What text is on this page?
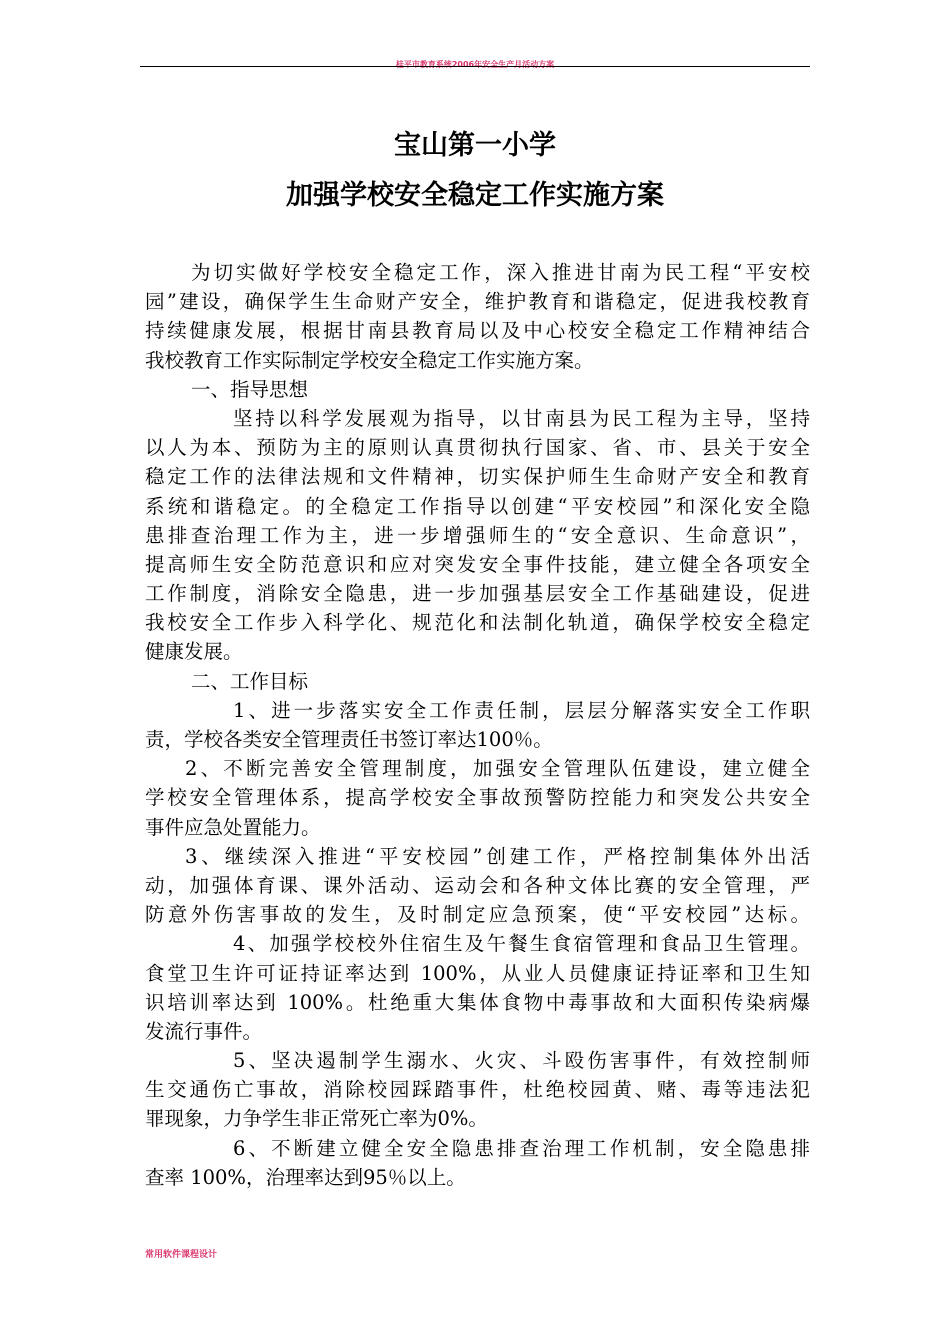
桂平市教育系统2006年安全生产月活动方案
宝山第一小学
加强学校安全稳定工作实施方案
为切实做好学校安全稳定工作，深入推进甘南为民工程“平安校
园”建设，确保学生生命财产安全，维护教育和谐稳定，促进我校教育
持续健康发展，根据甘南县教育局以及中心校安全稳定工作精神结合
我校教育工作实际制定学校安全稳定工作实施方案。
一、指导思想
坚持以科学发展观为指导，以甘南县为民工程为主导，坚持
以人为本、预防为主的原则认真贯彻执行国家、省、市、县关于安全
稳定工作的法律法规和文件精神，切实保护师生生命财产安全和教育
系统和谐稳定。的全稳定工作指导以创建“平安校园”和深化安全隐
患排查治理工作为主，进一步增强师生的“安全意识、生命意识”，
提高师生安全防范意识和应对突发安全事件技能，建立健全各项安全
工作制度，消除安全隐患，进一步加强基层安全工作基础建设，促进
我校安全工作步入科学化、规范化和法制化轨道，确保学校安全稳定
健康发展。
二、工作目标
1、进一步落实安全工作责任制，层层分解落实安全工作职
责，学校各类安全管理责任书签订率达100％。
2、不断完善安全管理制度，加强安全管理队伍建设，建立健全
学校安全管理体系，提高学校安全事故预警防控能力和突发公共安全
事件应急处置能力。
3、继续深入推进“平安校园”创建工作，严格控制集体外出活
动，加强体育课、课外活动、运动会和各种文体比赛的安全管理，严
防意外伤害事故的发生，及时制定应急预案，使“平安校园”达标。
4、加强学校校外住宿生及午餐生食宿管理和食品卫生管理。
食堂卫生许可证持证率达到 100%，从业人员健康证持证率和卫生知
识培训率达到 100%。杜绝重大集体食物中毒事故和大面积传染病爆
发流行事件。
5、坚决遏制学生溺水、火灾、斗殴伤害事件，有效控制师
生交通伤亡事故，消除校园踩踏事件，杜绝校园黄、赌、毒等违法犯
罪现象，力争学生非正常死亡率为0%。
6、不断建立健全安全隐患排查治理工作机制，安全隐患排
查率 100%，治理率达到95％以上。
常用软件课程设计
